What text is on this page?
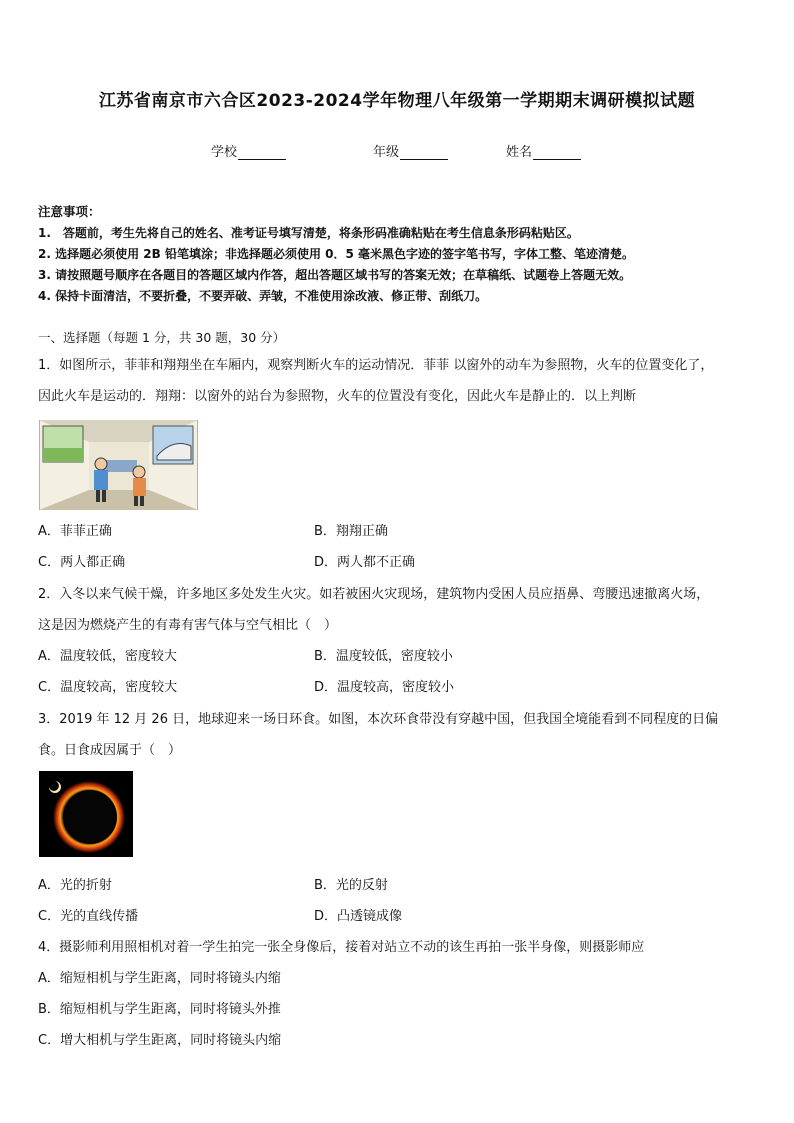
江苏省南京市六合区2023-2024学年物理八年级第一学期期末调研模拟试题
学校	年级	姓名
注意事项：
1.　答题前，考生先将自己的姓名、准考证号填写清楚，将条形码准确粘贴在考生信息条形码粘贴区。
2. 选择题必须使用 2B 铅笔填涂；非选择题必须使用 0．5 毫米黑色字迹的签字笔书写，字体工整、笔迹清楚。
3. 请按照题号顺序在各题目的答题区域内作答，超出答题区域书写的答案无效；在草稿纸、试题卷上答题无效。
4. 保持卡面清洁，不要折叠，不要弄破、弄皱，不准使用涂改液、修正带、刮纸刀。
一、选择题（每题 1 分，共 30 题，30 分）
1．如图所示，菲菲和翔翔坐在车厢内，观察判断火车的运动情况．菲菲 以窗外的动车为参照物，火车的位置变化了，
因此火车是运动的．翔翔：以窗外的站台为参照物，火车的位置没有变化，因此火车是静止的．以上判断
A．菲菲正确	B．翔翔正确
C．两人都正确	D．两人都不正确
2．入冬以来气候干燥，许多地区多处发生火灾。如若被困火灾现场，建筑物内受困人员应捂鼻、弯腰迅速撤离火场，
这是因为燃烧产生的有毒有害气体与空气相比（　）
A．温度较低，密度较大	B．温度较低，密度较小
C．温度较高，密度较大	D．温度较高，密度较小
3．2019 年 12 月 26 日，地球迎来一场日环食。如图，本次环食带没有穿越中国，但我国全境能看到不同程度的日偏
食。日食成因属于（　）
A．光的折射	B．光的反射
C．光的直线传播	D．凸透镜成像
4．摄影师利用照相机对着一学生拍完一张全身像后，接着对站立不动的该生再拍一张半身像，则摄影师应
A．缩短相机与学生距离，同时将镜头内缩
B．缩短相机与学生距离，同时将镜头外推
C．增大相机与学生距离，同时将镜头内缩
